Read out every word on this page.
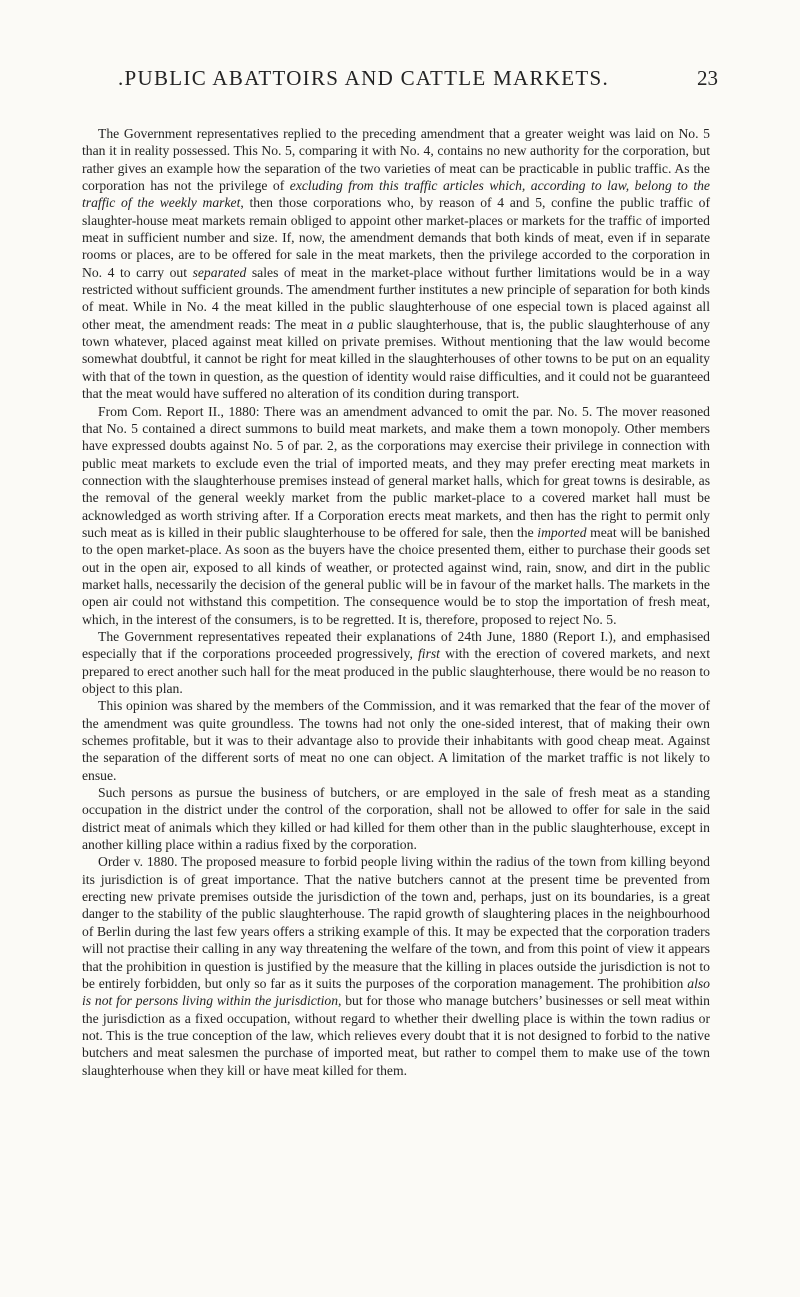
.PUBLIC ABATTOIRS AND CATTLE MARKETS.	23

The Government representatives replied to the preceding amendment that a greater weight was laid on No. 5 than it in reality possessed. This No. 5, comparing it with No. 4, contains no new authority for the corporation, but rather gives an example how the separation of the two varieties of meat can be practicable in public traffic. As the corporation has not the privilege of excluding from this traffic articles which, according to law, belong to the traffic of the weekly market, then those corporations who, by reason of 4 and 5, confine the public traffic of slaughter-house meat markets remain obliged to appoint other market-places or markets for the traffic of imported meat in sufficient number and size. If, now, the amendment demands that both kinds of meat, even if in separate rooms or places, are to be offered for sale in the meat markets, then the privilege accorded to the corporation in No. 4 to carry out separated sales of meat in the market-place without further limitations would be in a way restricted without sufficient grounds. The amendment further institutes a new principle of separation for both kinds of meat. While in No. 4 the meat killed in the public slaughterhouse of one especial town is placed against all other meat, the amendment reads: The meat in a public slaughterhouse, that is, the public slaughterhouse of any town whatever, placed against meat killed on private premises. Without mentioning that the law would become somewhat doubtful, it cannot be right for meat killed in the slaughterhouses of other towns to be put on an equality with that of the town in question, as the question of identity would raise difficulties, and it could not be guaranteed that the meat would have suffered no alteration of its condition during transport.

From Com. Report II., 1880: There was an amendment advanced to omit the par. No. 5. The mover reasoned that No. 5 contained a direct summons to build meat markets, and make them a town monopoly. Other members have expressed doubts against No. 5 of par. 2, as the corporations may exercise their privilege in connection with public meat markets to exclude even the trial of imported meats, and they may prefer erecting meat markets in connection with the slaughterhouse premises instead of general market halls, which for great towns is desirable, as the removal of the general weekly market from the public market-place to a covered market hall must be acknowledged as worth striving after. If a Corporation erects meat markets, and then has the right to permit only such meat as is killed in their public slaughterhouse to be offered for sale, then the imported meat will be banished to the open market-place. As soon as the buyers have the choice presented them, either to purchase their goods set out in the open air, exposed to all kinds of weather, or protected against wind, rain, snow, and dirt in the public market halls, necessarily the decision of the general public will be in favour of the market halls. The markets in the open air could not withstand this competition. The consequence would be to stop the importation of fresh meat, which, in the interest of the consumers, is to be regretted. It is, therefore, proposed to reject No. 5.

The Government representatives repeated their explanations of 24th June, 1880 (Report I.), and emphasised especially that if the corporations proceeded progressively, first with the erection of covered markets, and next prepared to erect another such hall for the meat produced in the public slaughterhouse, there would be no reason to object to this plan.

This opinion was shared by the members of the Commission, and it was remarked that the fear of the mover of the amendment was quite groundless. The towns had not only the one-sided interest, that of making their own schemes profitable, but it was to their advantage also to provide their inhabitants with good cheap meat. Against the separation of the different sorts of meat no one can object. A limitation of the market traffic is not likely to ensue.

Such persons as pursue the business of butchers, or are employed in the sale of fresh meat as a standing occupation in the district under the control of the corporation, shall not be allowed to offer for sale in the said district meat of animals which they killed or had killed for them other than in the public slaughterhouse, except in another killing place within a radius fixed by the corporation.

Order v. 1880. The proposed measure to forbid people living within the radius of the town from killing beyond its jurisdiction is of great importance. That the native butchers cannot at the present time be prevented from erecting new private premises outside the jurisdiction of the town and, perhaps, just on its boundaries, is a great danger to the stability of the public slaughterhouse. The rapid growth of slaughtering places in the neighbourhood of Berlin during the last few years offers a striking example of this. It may be expected that the corporation traders will not practise their calling in any way threatening the welfare of the town, and from this point of view it appears that the prohibition in question is justified by the measure that the killing in places outside the jurisdiction is not to be entirely forbidden, but only so far as it suits the purposes of the corporation management. The prohibition also is not for persons living within the jurisdiction, but for those who manage butchers’ businesses or sell meat within the jurisdiction as a fixed occupation, without regard to whether their dwelling place is within the town radius or not. This is the true conception of the law, which relieves every doubt that it is not designed to forbid to the native butchers and meat salesmen the purchase of imported meat, but rather to compel them to make use of the town slaughterhouse when they kill or have meat killed for them.
